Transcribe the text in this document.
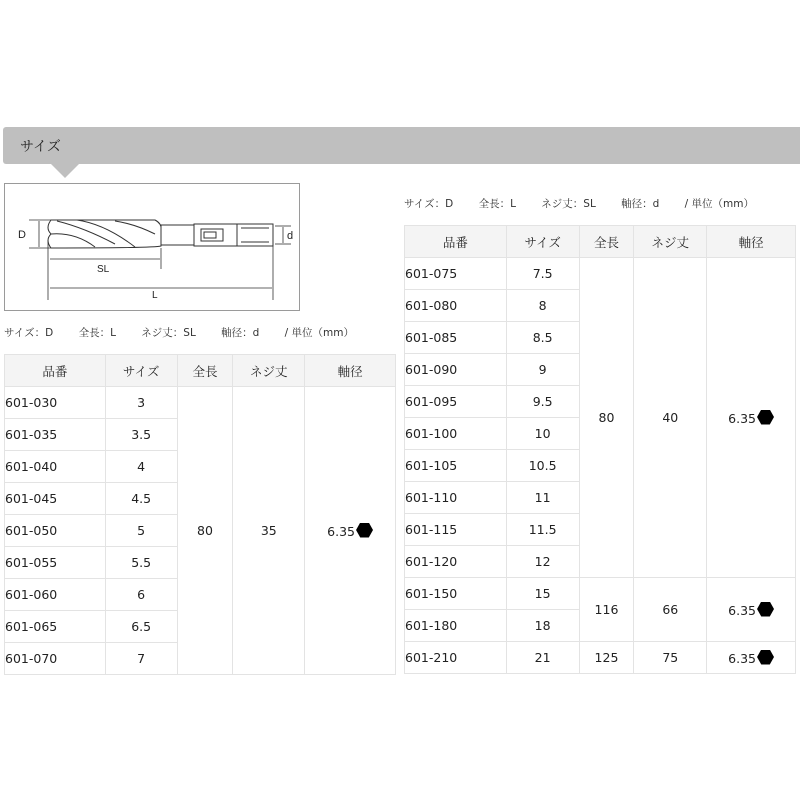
サイズ
D	d
SL
L
サイズ：D 全長：L ネジ丈：SL 軸径：d / 単位（mm）
サイズ：D 全長：L ネジ丈：SL 軸径：d / 単位（mm）
品番	サイズ	全長	ネジ丈	軸径
601-030	3	80	35	6.35
601-035	3.5			
601-040	4			
601-045	4.5			
601-050	5			
601-055	5.5			
601-060	6			
601-065	6.5			
601-070	7			
品番	サイズ	全長	ネジ丈	軸径
601-075	7.5	80	40	6.35
601-080	8			
601-085	8.5			
601-090	9			
601-095	9.5			
601-100	10			
601-105	10.5			
601-110	11			
601-115	11.5			
601-120	12			
601-150	15	116	66	6.35
601-180	18			
601-210	21	125	75	6.35
